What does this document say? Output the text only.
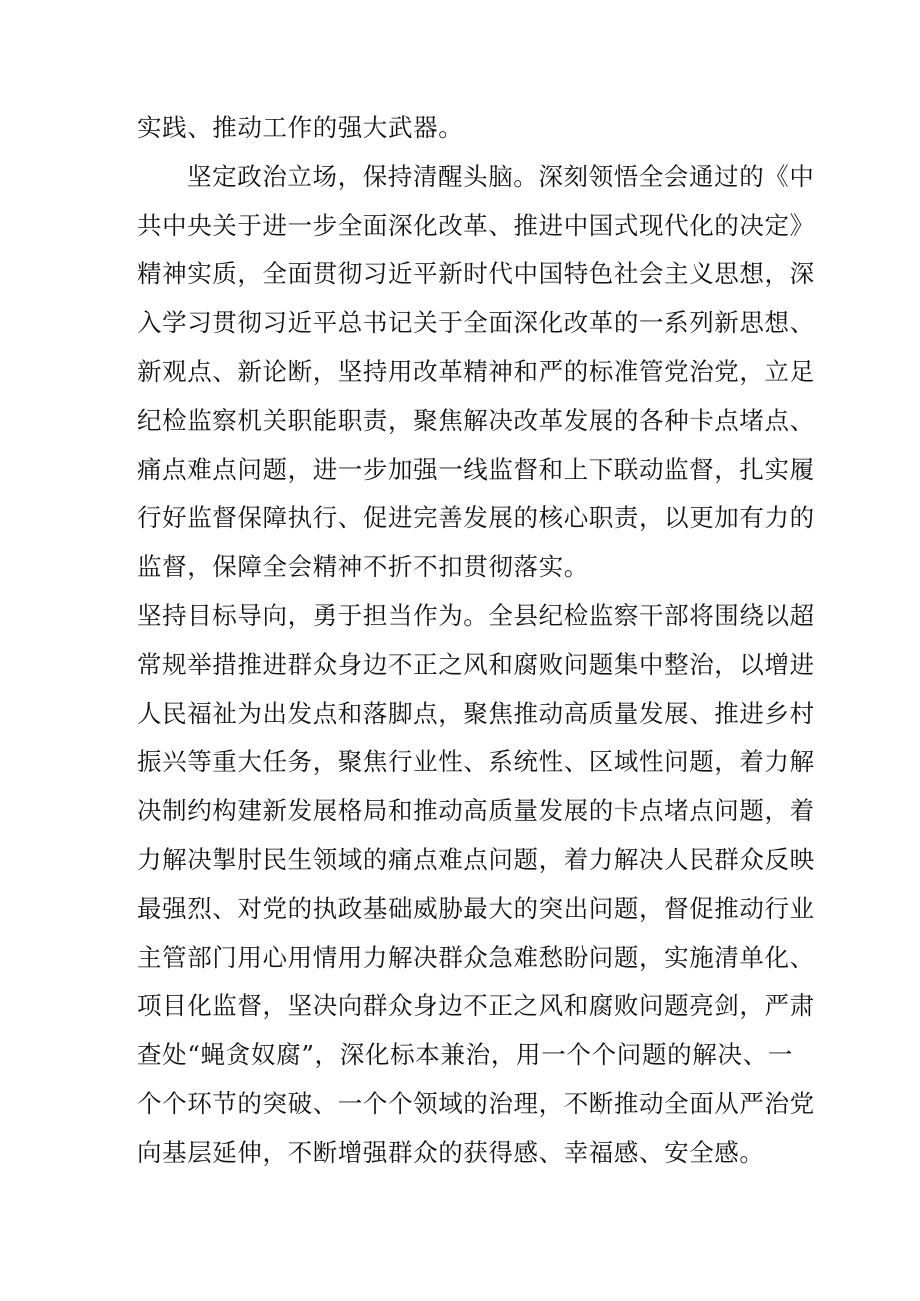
实践、推动工作的强大武器。
坚定政治立场，保持清醒头脑。深刻领悟全会通过的《中
共中央关于进一步全面深化改革、推进中国式现代化的决定》
精神实质，全面贯彻习近平新时代中国特色社会主义思想，深
入学习贯彻习近平总书记关于全面深化改革的一系列新思想、
新观点、新论断，坚持用改革精神和严的标准管党治党，立足
纪检监察机关职能职责，聚焦解决改革发展的各种卡点堵点、
痛点难点问题，进一步加强一线监督和上下联动监督，扎实履
行好监督保障执行、促进完善发展的核心职责，以更加有力的
监督，保障全会精神不折不扣贯彻落实。
坚持目标导向，勇于担当作为。全县纪检监察干部将围绕以超
常规举措推进群众身边不正之风和腐败问题集中整治，以增进
人民福祉为出发点和落脚点，聚焦推动高质量发展、推进乡村
振兴等重大任务，聚焦行业性、系统性、区域性问题，着力解
决制约构建新发展格局和推动高质量发展的卡点堵点问题，着
力解决掣肘民生领域的痛点难点问题，着力解决人民群众反映
最强烈、对党的执政基础威胁最大的突出问题，督促推动行业
主管部门用心用情用力解决群众急难愁盼问题，实施清单化、
项目化监督，坚决向群众身边不正之风和腐败问题亮剑，严肃
查处“蝇贪奴腐”，深化标本兼治，用一个个问题的解决、一
个个环节的突破、一个个领域的治理，不断推动全面从严治党
向基层延伸，不断增强群众的获得感、幸福感、安全感。
